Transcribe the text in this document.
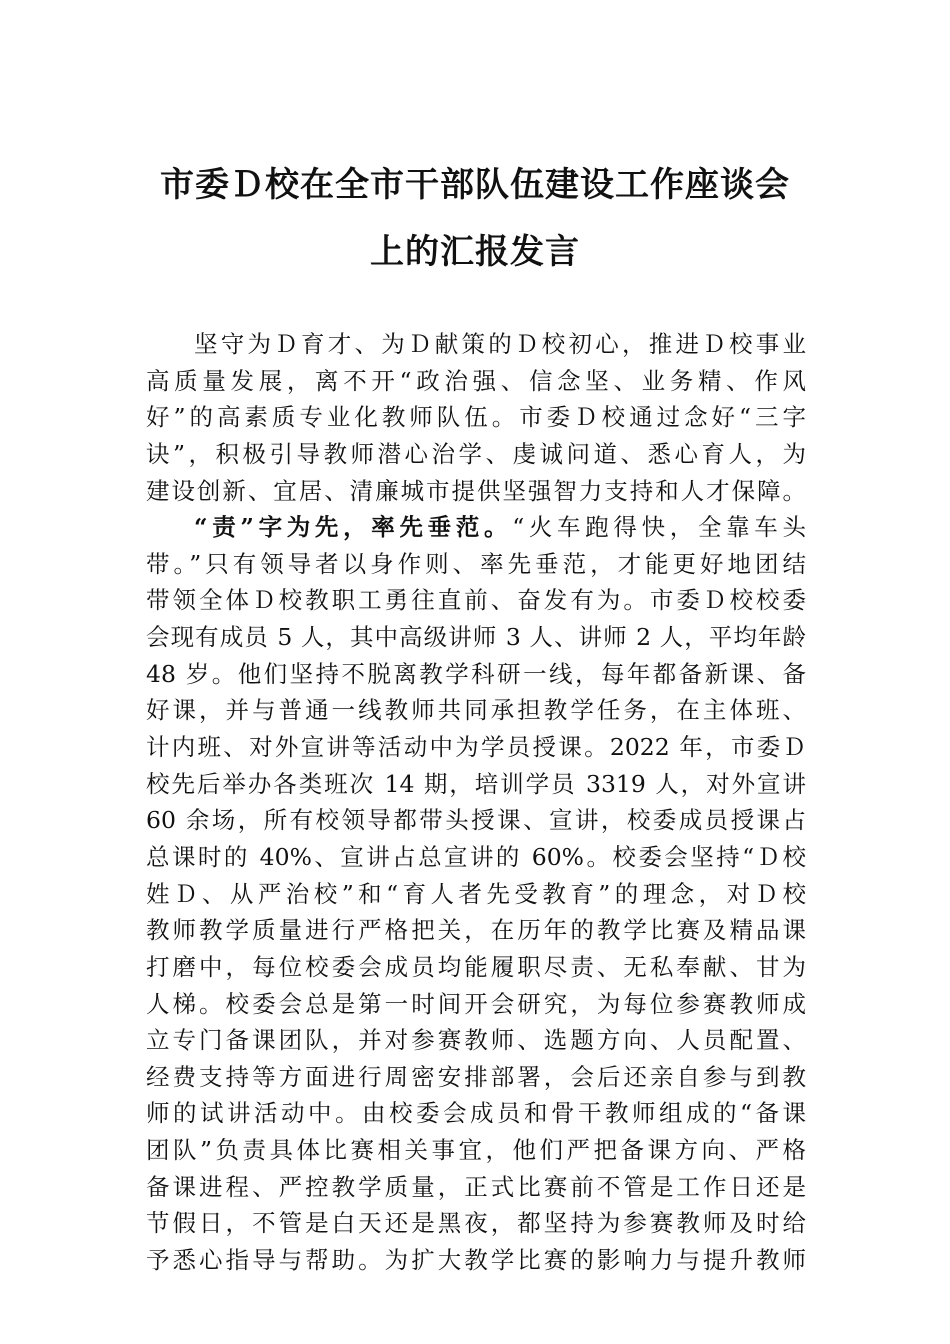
市委Ｄ校在全市干部队伍建设工作座谈会
上的汇报发言
坚守为Ｄ育才、为Ｄ献策的Ｄ校初心，推进Ｄ校事业
高质量发展，离不开“政治强、信念坚、业务精、作风
好”的高素质专业化教师队伍。市委Ｄ校通过念好“三字
诀”，积极引导教师潜心治学、虔诚问道、悉心育人，为
建设创新、宜居、清廉城市提供坚强智力支持和人才保障。
“责”字为先，率先垂范。“火车跑得快，全靠车头
带。”只有领导者以身作则、率先垂范，才能更好地团结
带领全体Ｄ校教职工勇往直前、奋发有为。市委Ｄ校校委
会现有成员 5 人，其中高级讲师 3 人、讲师 2 人，平均年龄
48 岁。他们坚持不脱离教学科研一线，每年都备新课、备
好课，并与普通一线教师共同承担教学任务，在主体班、
计内班、对外宣讲等活动中为学员授课。2022 年，市委Ｄ
校先后举办各类班次 14 期，培训学员 3319 人，对外宣讲
60 余场，所有校领导都带头授课、宣讲，校委成员授课占
总课时的 40%、宣讲占总宣讲的 60%。校委会坚持“Ｄ校
姓Ｄ、从严治校”和“育人者先受教育”的理念，对Ｄ校
教师教学质量进行严格把关，在历年的教学比赛及精品课
打磨中，每位校委会成员均能履职尽责、无私奉献、甘为
人梯。校委会总是第一时间开会研究，为每位参赛教师成
立专门备课团队，并对参赛教师、选题方向、人员配置、
经费支持等方面进行周密安排部署，会后还亲自参与到教
师的试讲活动中。由校委会成员和骨干教师组成的“备课
团队”负责具体比赛相关事宜，他们严把备课方向、严格
备课进程、严控教学质量，正式比赛前不管是工作日还是
节假日，不管是白天还是黑夜，都坚持为参赛教师及时给
予悉心指导与帮助。为扩大教学比赛的影响力与提升教师
